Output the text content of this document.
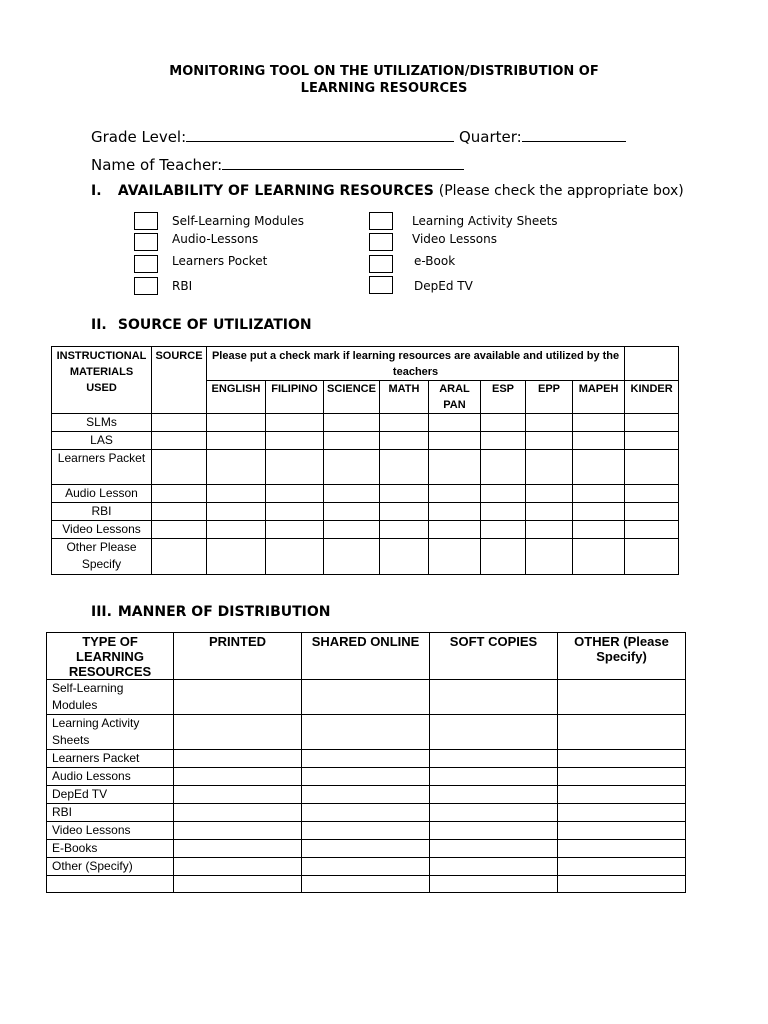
MONITORING TOOL ON THE UTILIZATION/DISTRIBUTION OF
LEARNING RESOURCES
Grade Level:	Quarter:
Name of Teacher:
I. AVAILABILITY OF LEARNING RESOURCES (Please check the appropriate box)
Self-Learning Modules
Audio-Lessons
Learners Pocket
RBI
Learning Activity Sheets
Video Lessons
e-Book
DepEd TV
II. SOURCE OF UTILIZATION
INSTRUCTIONAL MATERIALS USED	SOURCE	Please put a check mark if learning resources are available and utilized by the teachers								
		ENGLISH	FILIPINO	SCIENCE	MATH	ARAL PAN	ESP	EPP	MAPEH	KINDER
SLMs										
LAS										
Learners Packet										
Audio Lesson										
RBI										
Video Lessons										
Other Please Specify										
III. MANNER OF DISTRIBUTION
TYPE OF LEARNING RESOURCES	PRINTED	SHARED ONLINE	SOFT COPIES	OTHER (Please Specify)
Self-Learning Modules				
Learning Activity Sheets				
Learners Packet				
Audio Lessons				
DepEd TV				
RBI				
Video Lessons				
E-Books				
Other (Specify)				
